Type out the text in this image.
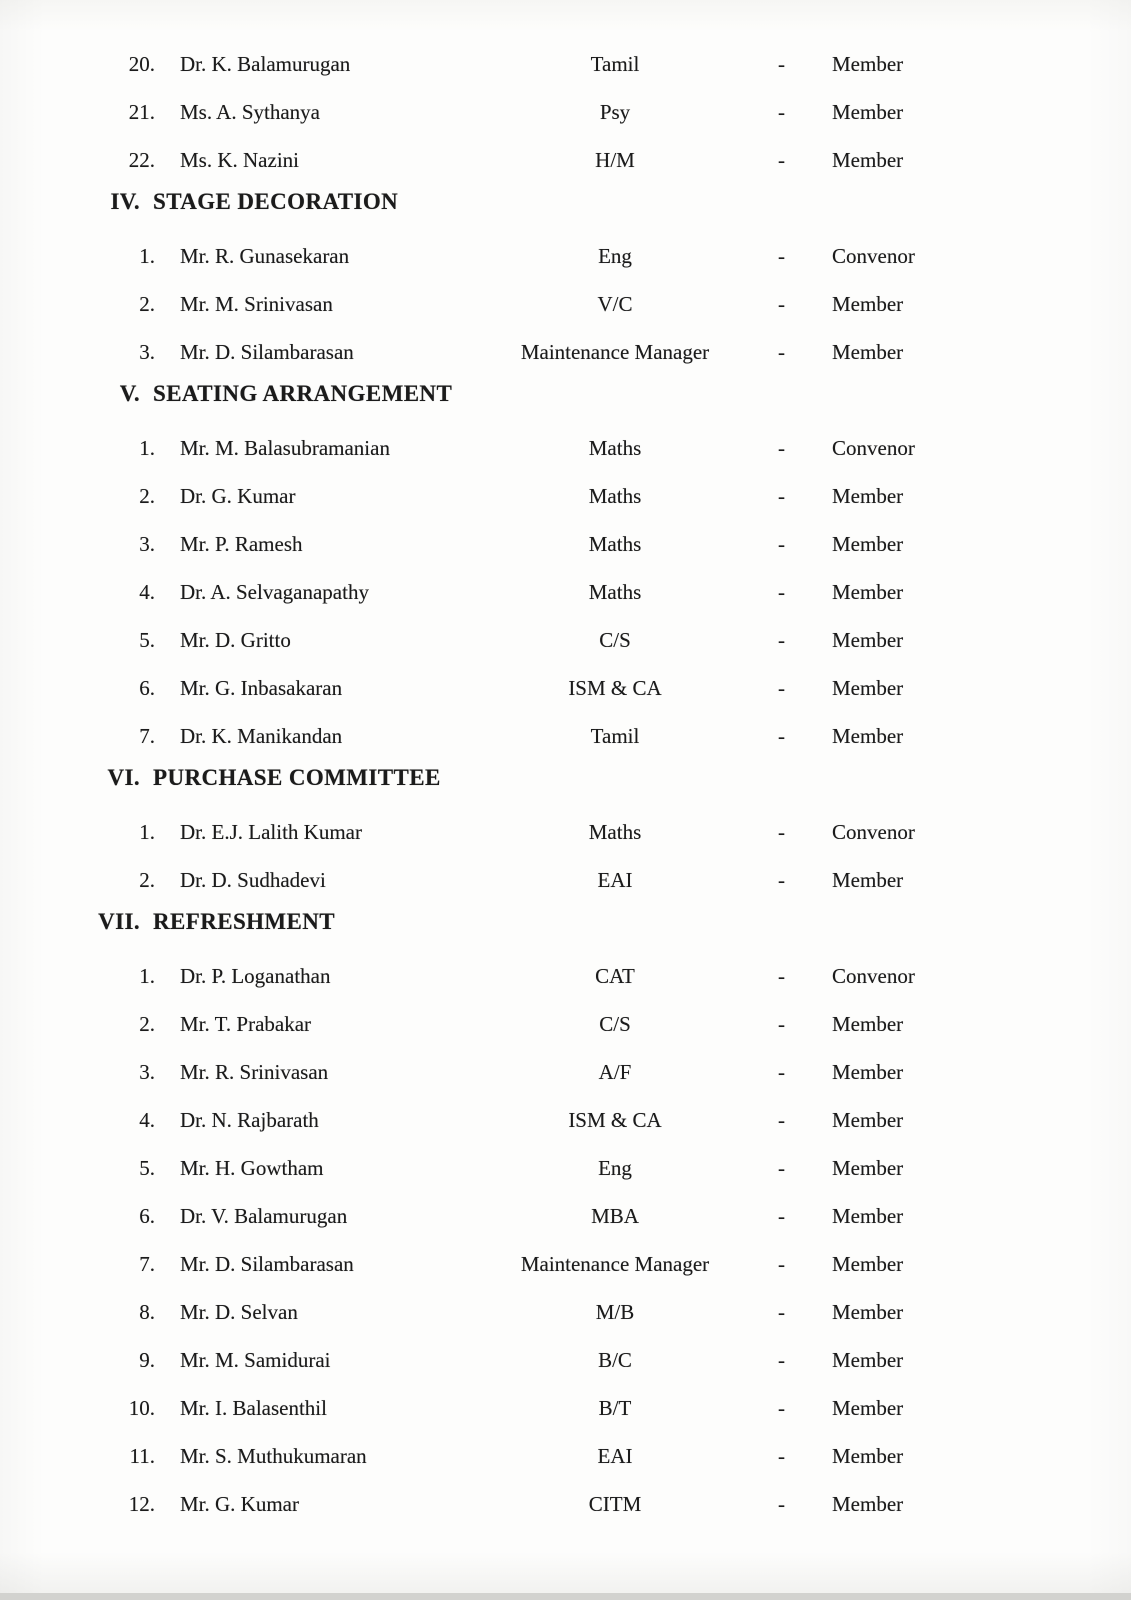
20.	Dr. K. Balamurugan	Tamil	-	Member
21.	Ms. A. Sythanya	Psy	-	Member
22.	Ms. K. Nazini	H/M	-	Member
IV. STAGE DECORATION
1.	Mr. R. Gunasekaran	Eng	-	Convenor
2.	Mr. M. Srinivasan	V/C	-	Member
3.	Mr. D. Silambarasan	Maintenance Manager	-	Member
V. SEATING ARRANGEMENT
1.	Mr. M. Balasubramanian	Maths	-	Convenor
2.	Dr. G. Kumar	Maths	-	Member
3.	Mr. P. Ramesh	Maths	-	Member
4.	Dr. A. Selvaganapathy	Maths	-	Member
5.	Mr. D. Gritto	C/S	-	Member
6.	Mr. G. Inbasakaran	ISM & CA	-	Member
7.	Dr. K. Manikandan	Tamil	-	Member
VI. PURCHASE COMMITTEE
1.	Dr. E.J. Lalith Kumar	Maths	-	Convenor
2.	Dr. D. Sudhadevi	EAI	-	Member
VII. REFRESHMENT
1.	Dr. P. Loganathan	CAT	-	Convenor
2.	Mr. T. Prabakar	C/S	-	Member
3.	Mr. R. Srinivasan	A/F	-	Member
4.	Dr. N. Rajbarath	ISM & CA	-	Member
5.	Mr. H. Gowtham	Eng	-	Member
6.	Dr. V. Balamurugan	MBA	-	Member
7.	Mr. D. Silambarasan	Maintenance Manager	-	Member
8.	Mr. D. Selvan	M/B	-	Member
9.	Mr. M. Samidurai	B/C	-	Member
10.	Mr. I. Balasenthil	B/T	-	Member
11.	Mr. S. Muthukumaran	EAI	-	Member
12.	Mr. G. Kumar	CITM	-	Member
